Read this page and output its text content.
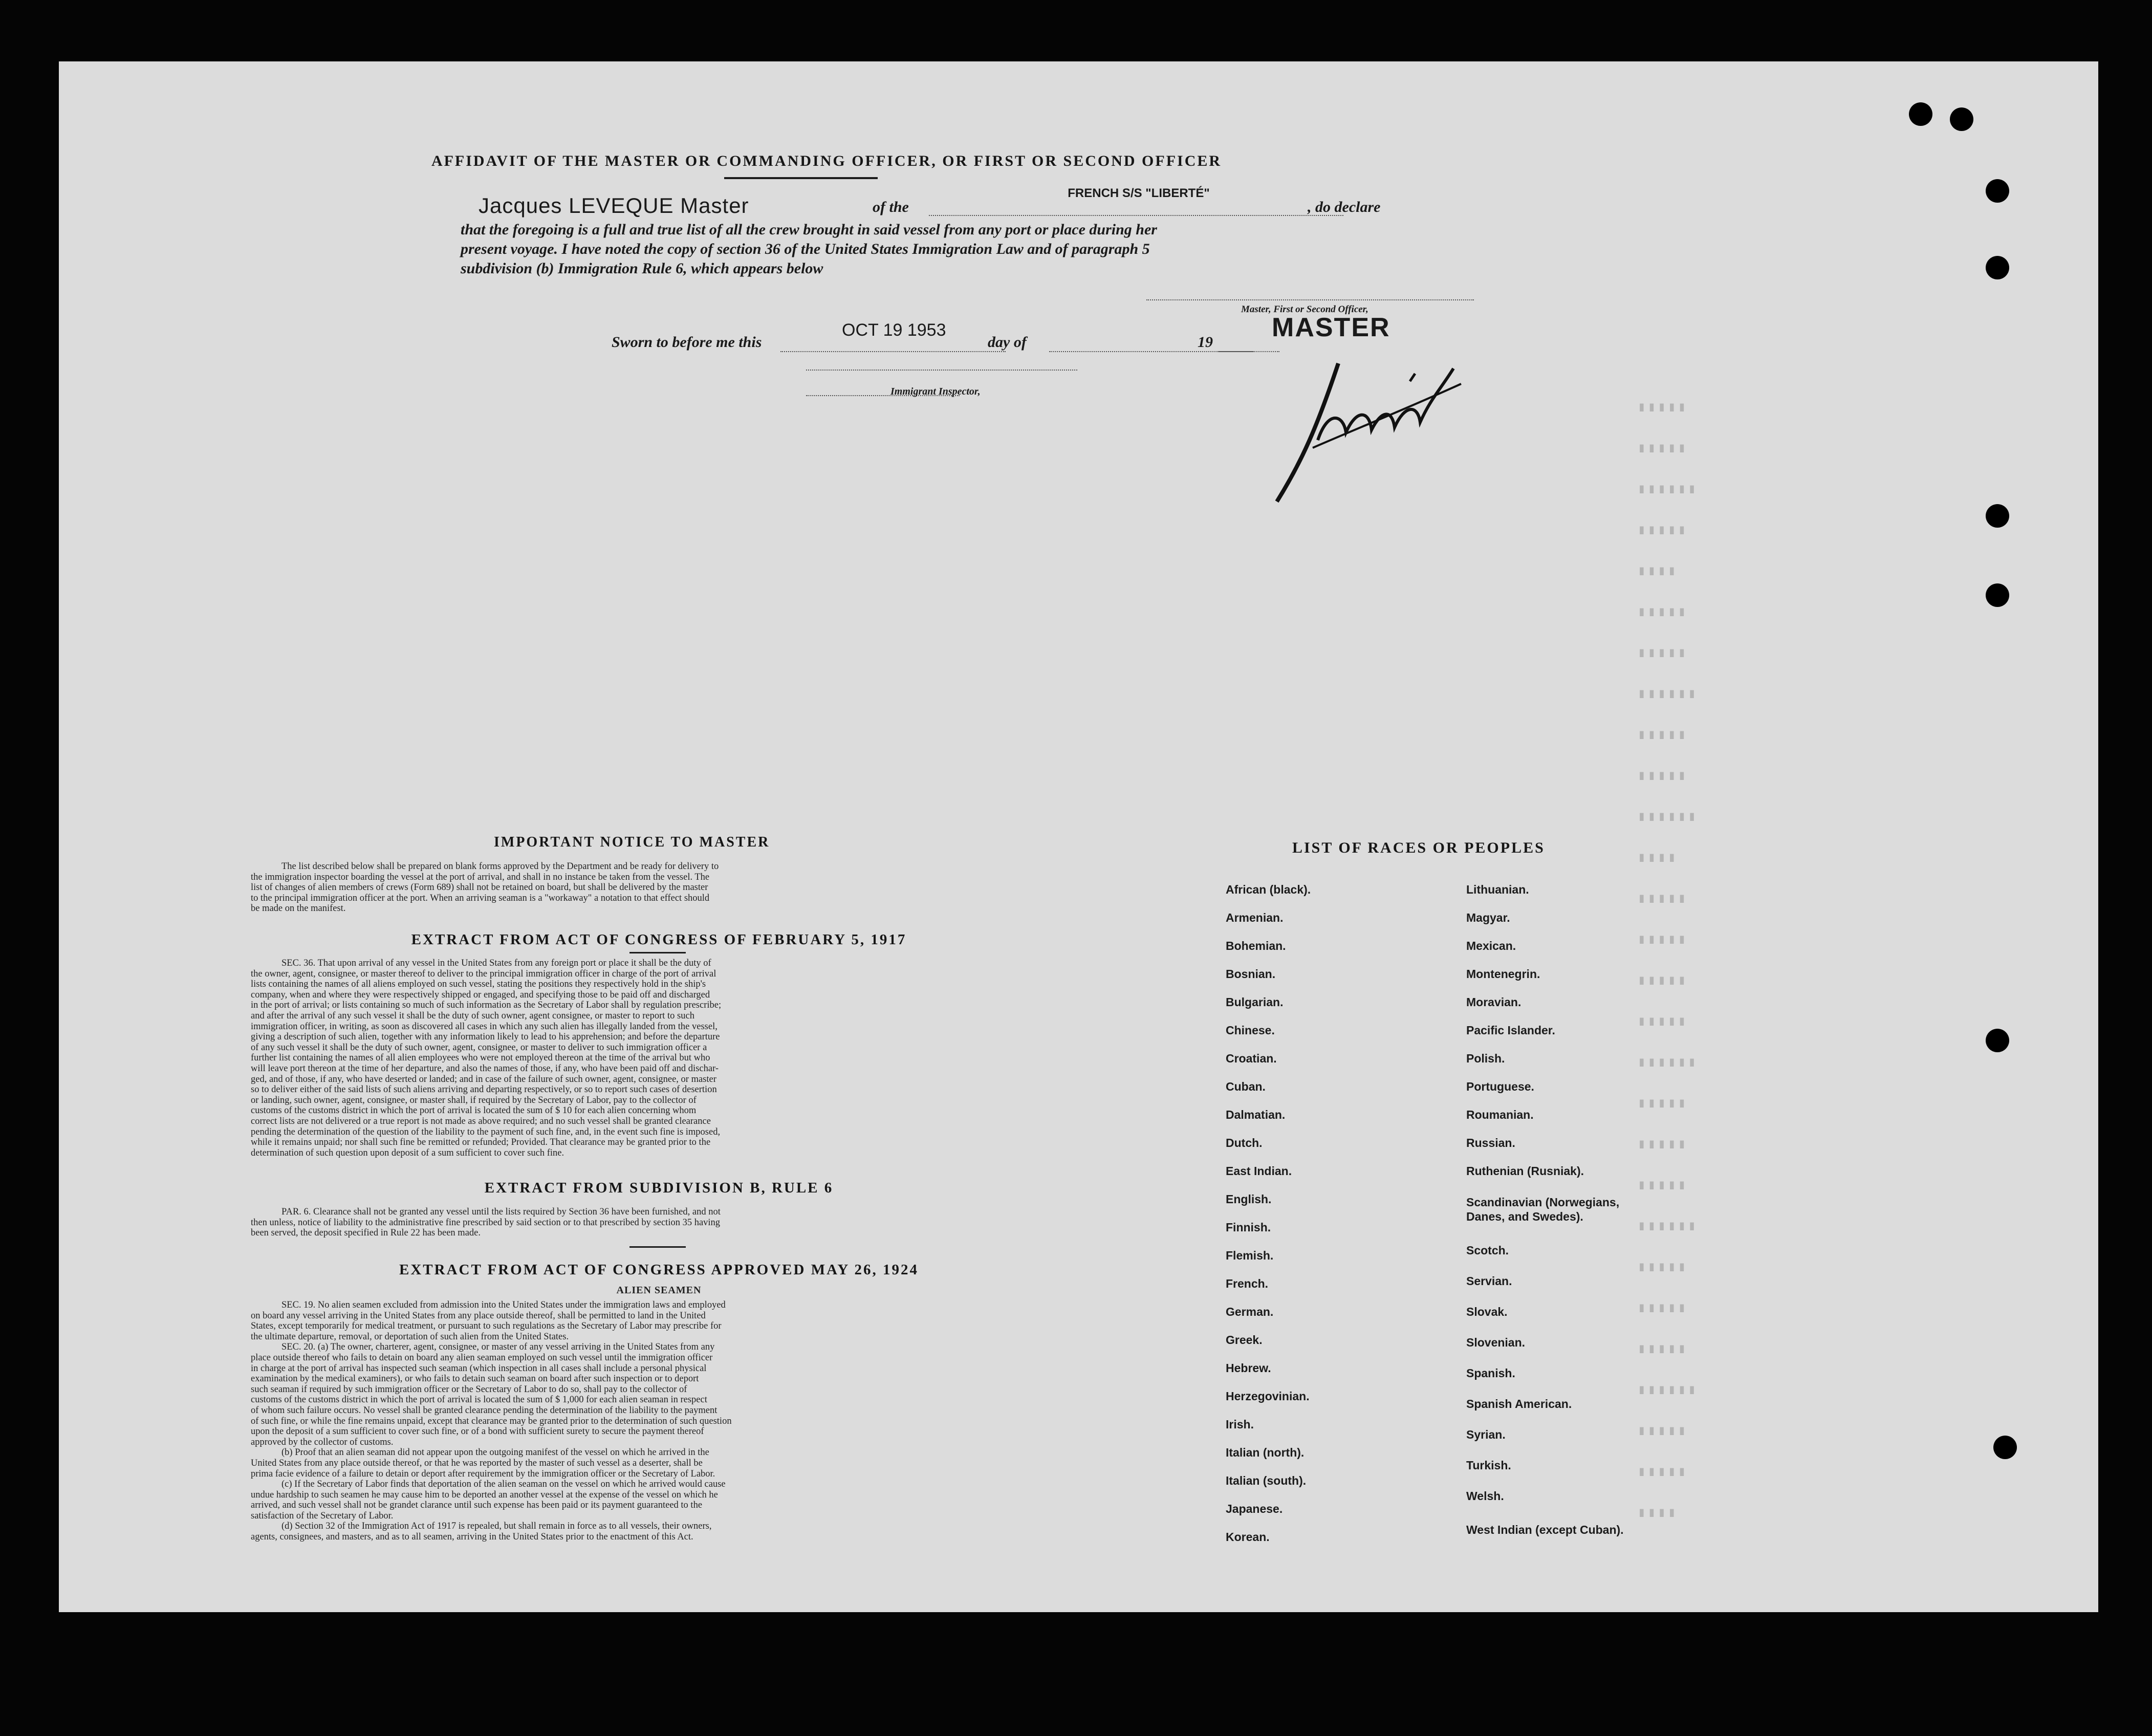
AFFIDAVIT OF THE MASTER OR COMMANDING OFFICER, OR FIRST OR SECOND OFFICER
Jacques LEVEQUE Master	of the
FRENCH S/S "LIBERTÉ"
, do declare
that the foregoing is a full and true list of all the crew brought in said vessel from any port or place during her
present voyage. I have noted the copy of section 36 of the United States Immigration Law and of paragraph 5
subdivision (b) Immigration Rule 6, which appears below
Master, First or Second Officer,
MASTER
Sworn to before me this
OCT 19 1953
day of	19
Immigrant Inspector,
▮▮▮▮▮
▮▮▮▮▮
▮▮▮▮▮▮
▮▮▮▮▮
▮▮▮▮
▮▮▮▮▮
▮▮▮▮▮
▮▮▮▮▮▮
▮▮▮▮▮
▮▮▮▮▮
▮▮▮▮▮▮
▮▮▮▮
▮▮▮▮▮
▮▮▮▮▮
▮▮▮▮▮
▮▮▮▮▮
▮▮▮▮▮▮
▮▮▮▮▮
▮▮▮▮▮
▮▮▮▮▮
▮▮▮▮▮▮
▮▮▮▮▮
▮▮▮▮▮
▮▮▮▮▮
▮▮▮▮▮▮
▮▮▮▮▮
▮▮▮▮▮
▮▮▮▮
IMPORTANT NOTICE TO MASTER
The list described below shall be prepared on blank forms approved by the Department and be ready for delivery to
the immigration inspector boarding the vessel at the port of arrival, and shall in no instance be taken from the vessel. The
list of changes of alien members of crews (Form 689) shall not be retained on board, but shall be delivered by the master
to the principal immigration officer at the port. When an arriving seaman is a "workaway" a notation to that effect should
be made on the manifest.
EXTRACT FROM ACT OF CONGRESS OF FEBRUARY 5, 1917
SEC. 36. That upon arrival of any vessel in the United States from any foreign port or place it shall be the duty of
the owner, agent, consignee, or master thereof to deliver to the principal immigration officer in charge of the port of arrival
lists containing the names of all aliens employed on such vessel, stating the positions they respectively hold in the ship's
company, when and where they were respectively shipped or engaged, and specifying those to be paid off and discharged
in the port of arrival; or lists containing so much of such information as the Secretary of Labor shall by regulation prescribe;
and after the arrival of any such vessel it shall be the duty of such owner, agent consignee, or master to report to such
immigration officer, in writing, as soon as discovered all cases in which any such alien has illegally landed from the vessel,
giving a description of such alien, together with any information likely to lead to his apprehension; and before the departure
of any such vessel it shall be the duty of such owner, agent, consignee, or master to deliver to such immigration officer a
further list containing the names of all alien employees who were not employed thereon at the time of the arrival but who
will leave port thereon at the time of her departure, and also the names of those, if any, who have been paid off and dischar-
ged, and of those, if any, who have deserted or landed; and in case of the failure of such owner, agent, consignee, or master
so to deliver either of the said lists of such aliens arriving and departing respectively, or so to report such cases of desertion
or landing, such owner, agent, consignee, or master shall, if required by the Secretary of Labor, pay to the collector of
customs of the customs district in which the port of arrival is located the sum of $ 10 for each alien concerning whom
correct lists are not delivered or a true report is not made as above required; and no such vessel shall be granted clearance
pending the determination of the question of the liability to the payment of such fine, and, in the event such fine is imposed,
while it remains unpaid; nor shall such fine be remitted or refunded; Provided. That clearance may be granted prior to the
determination of such question upon deposit of a sum sufficient to cover such fine.
EXTRACT FROM SUBDIVISION B, RULE 6
PAR. 6. Clearance shall not be granted any vessel until the lists required by Section 36 have been furnished, and not
then unless, notice of liability to the administrative fine prescribed by said section or to that prescribed by section 35 having
been served, the deposit specified in Rule 22 has been made.
EXTRACT FROM ACT OF CONGRESS APPROVED MAY 26, 1924
ALIEN SEAMEN
SEC. 19. No alien seamen excluded from admission into the United States under the immigration laws and employed
on board any vessel arriving in the United States from any place outside thereof, shall be permitted to land in the United
States, except temporarily for medical treatment, or pursuant to such regulations as the Secretary of Labor may prescribe for
the ultimate departure, removal, or deportation of such alien from the United States.
SEC. 20. (a) The owner, charterer, agent, consignee, or master of any vessel arriving in the United States from any
place outside thereof who fails to detain on board any alien seaman employed on such vessel until the immigration officer
in charge at the port of arrival has inspected such seaman (which inspection in all cases shall include a personal physical
examination by the medical examiners), or who fails to detain such seaman on board after such inspection or to deport
such seaman if required by such immigration officer or the Secretary of Labor to do so, shall pay to the collector of
customs of the customs district in which the port of arrival is located the sum of $ 1,000 for each alien seaman in respect
of whom such failure occurs. No vessel shall be granted clearance pending the determination of the liability to the payment
of such fine, or while the fine remains unpaid, except that clearance may be granted prior to the determination of such question
upon the deposit of a sum sufficient to cover such fine, or of a bond with sufficient surety to secure the payment thereof
approved by the collector of customs.
(b) Proof that an alien seaman did not appear upon the outgoing manifest of the vessel on which he arrived in the
United States from any place outside thereof, or that he was reported by the master of such vessel as a deserter, shall be
prima facie evidence of a failure to detain or deport after requirement by the immigration officer or the Secretary of Labor.
(c) If the Secretary of Labor finds that deportation of the alien seaman on the vessel on which he arrived would cause
undue hardship to such seamen he may cause him to be deported an another vessel at the expense of the vessel on which he
arrived, and such vessel shall not be grandet clarance until such expense has been paid or its payment guaranteed to the
satisfaction of the Secretary of Labor.
(d) Section 32 of the Immigration Act of 1917 is repealed, but shall remain in force as to all vessels, their owners,
agents, consignees, and masters, and as to all seamen, arriving in the United States prior to the enactment of this Act.
LIST OF RACES OR PEOPLES
African (black).
Armenian.
Bohemian.
Bosnian.
Bulgarian.
Chinese.
Croatian.
Cuban.
Dalmatian.
Dutch.
East Indian.
English.
Finnish.
Flemish.
French.
German.
Greek.
Hebrew.
Herzegovinian.
Irish.
Italian (north).
Italian (south).
Japanese.
Korean.
Lithuanian.
Magyar.
Mexican.
Montenegrin.
Moravian.
Pacific Islander.
Polish.
Portuguese.
Roumanian.
Russian.
Ruthenian (Rusniak).
Scandinavian (Norwegians, Danes, and Swedes).
Scotch.
Servian.
Slovak.
Slovenian.
Spanish.
Spanish American.
Syrian.
Turkish.
Welsh.
West Indian (except Cuban).
